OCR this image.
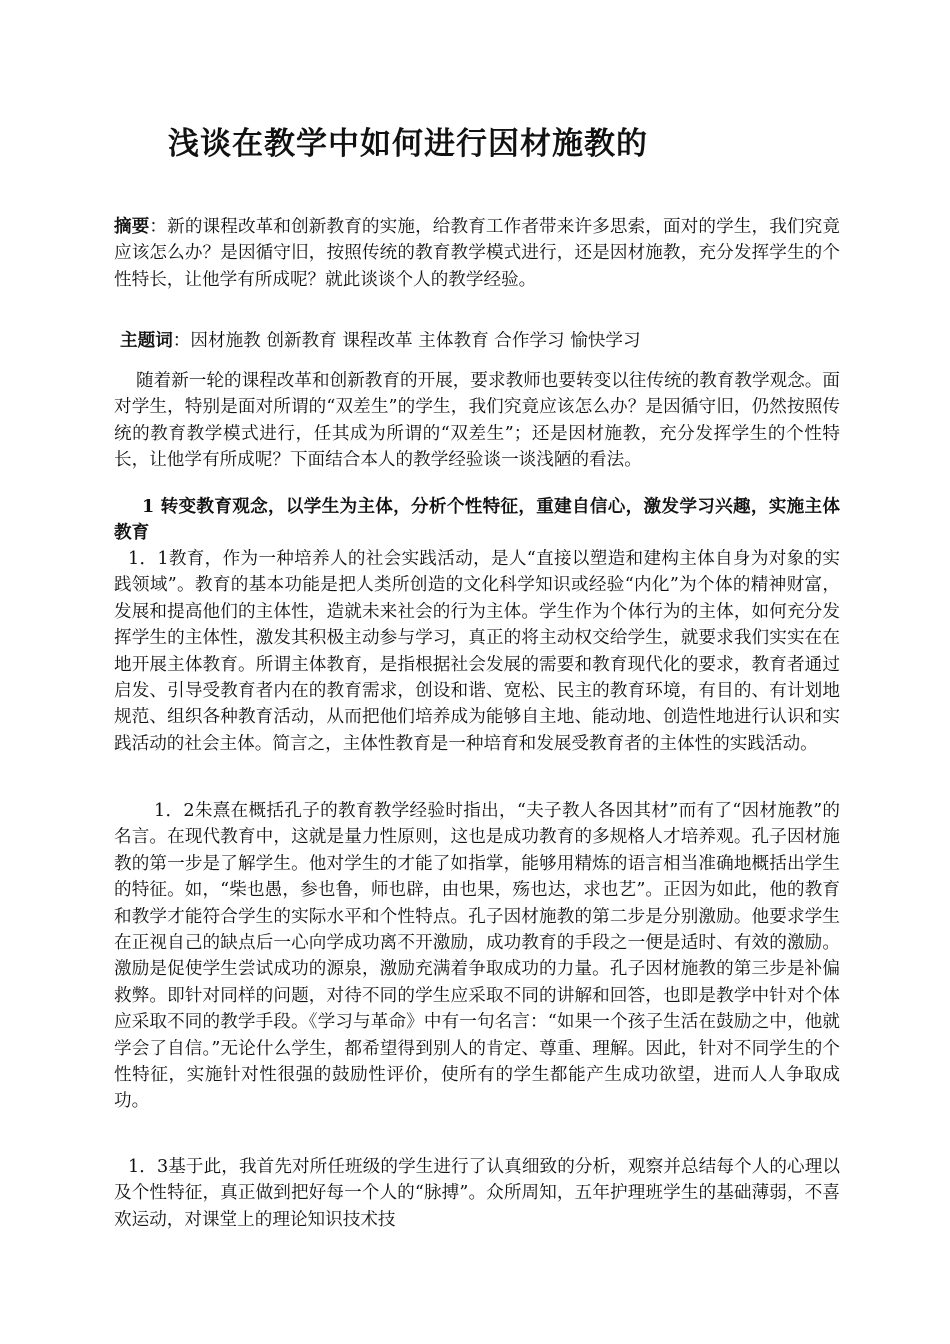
浅谈在教学中如何进行因材施教的

摘要：新的课程改革和创新教育的实施，给教育工作者带来许多思索，面对的学生，我们究竟应该怎么办？是因循守旧，按照传统的教育教学模式进行，还是因材施教，充分发挥学生的个性特长，让他学有所成呢？就此谈谈个人的教学经验。

主题词：因材施教 创新教育 课程改革 主体教育 合作学习 愉快学习

随着新一轮的课程改革和创新教育的开展，要求教师也要转变以往传统的教育教学观念。面对学生，特别是面对所谓的“双差生”的学生，我们究竟应该怎么办？是因循守旧，仍然按照传统的教育教学模式进行，任其成为所谓的“双差生”；还是因材施教，充分发挥学生的个性特长，让他学有所成呢？下面结合本人的教学经验谈一谈浅陋的看法。

1 转变教育观念，以学生为主体，分析个性特征，重建自信心，激发学习兴趣，实施主体教育

1．1教育，作为一种培养人的社会实践活动，是人“直接以塑造和建构主体自身为对象的实践领域”。教育的基本功能是把人类所创造的文化科学知识或经验“内化”为个体的精神财富，发展和提高他们的主体性，造就未来社会的行为主体。学生作为个体行为的主体，如何充分发挥学生的主体性，激发其积极主动参与学习，真正的将主动权交给学生，就要求我们实实在在地开展主体教育。所谓主体教育，是指根据社会发展的需要和教育现代化的要求，教育者通过启发、引导受教育者内在的教育需求，创设和谐、宽松、民主的教育环境，有目的、有计划地规范、组织各种教育活动，从而把他们培养成为能够自主地、能动地、创造性地进行认识和实践活动的社会主体。简言之，主体性教育是一种培育和发展受教育者的主体性的实践活动。

1．2朱熹在概括孔子的教育教学经验时指出，“夫子教人各因其材”而有了“因材施教”的名言。在现代教育中，这就是量力性原则，这也是成功教育的多规格人才培养观。孔子因材施教的第一步是了解学生。他对学生的才能了如指掌，能够用精炼的语言相当准确地概括出学生的特征。如，“柴也愚，参也鲁，师也辟，由也果，殇也达，求也艺”。正因为如此，他的教育和教学才能符合学生的实际水平和个性特点。孔子因材施教的第二步是分别激励。他要求学生在正视自己的缺点后一心向学成功离不开激励，成功教育的手段之一便是适时、有效的激励。激励是促使学生尝试成功的源泉，激励充满着争取成功的力量。孔子因材施教的第三步是补偏救弊。即针对同样的问题，对待不同的学生应采取不同的讲解和回答，也即是教学中针对个体应采取不同的教学手段。《学习与革命》中有一句名言：“如果一个孩子生活在鼓励之中，他就学会了自信。”无论什么学生，都希望得到别人的肯定、尊重、理解。因此，针对不同学生的个性特征，实施针对性很强的鼓励性评价，使所有的学生都能产生成功欲望，进而人人争取成功。

1．3基于此，我首先对所任班级的学生进行了认真细致的分析，观察并总结每个人的心理以及个性特征，真正做到把好每一个人的“脉搏”。众所周知，五年护理班学生的基础薄弱，不喜欢运动，对课堂上的理论知识技术技
